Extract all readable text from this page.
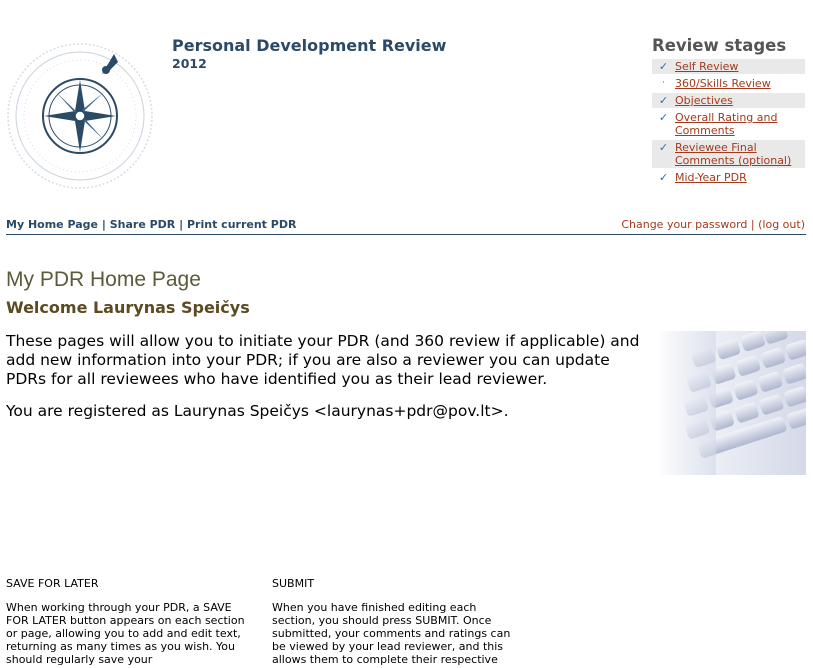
Personal Development Review
2012
Review stages
✓ Self Review
· 360/Skills Review
✓ Objectives
✓ Overall Rating and Comments
✓ Reviewee Final Comments (optional)
✓ Mid-Year PDR
My Home Page | Share PDR | Print current PDR	Change your password | (log out)
My PDR Home Page
Welcome Laurynas Speičys

These pages will allow you to initiate your PDR (and 360 review if applicable) and add new information into your PDR; if you are also a reviewer you can update PDRs for all reviewees who have identified you as their lead reviewer.

You are registered as Laurynas Speičys <laurynas+pdr@pov.lt>.

SAVE FOR LATER

When working through your PDR, a SAVE FOR LATER button appears on each section or page, allowing you to add and edit text, returning as many times as you wish. You should regularly save your

SUBMIT

When you have finished editing each section, you should press SUBMIT. Once submitted, your comments and ratings can be viewed by your lead reviewer, and this allows them to complete their respective
